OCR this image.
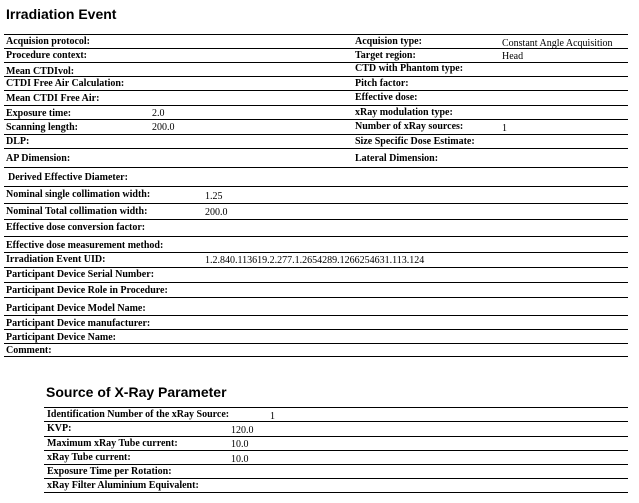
Irradiation Event
Acquision protocol:
Procedure context:
Mean CTDIvol:
CTDI Free Air Calculation:
Mean CTDI Free Air:
Exposure time:	2.0
Scanning length:	200.0
DLP:
AP Dimension:
Acquision type:	Constant Angle Acquisition
Target region:	Head
CTD with Phantom type:
Pitch factor:
Effective dose:
xRay modulation type:
Number of xRay sources:	1
Size Specific Dose Estimate:
Lateral Dimension:
Derived Effective Diameter:
Nominal single collimation width:	1.25
Nominal Total collimation width:	200.0
Effective dose conversion factor:
Effective dose measurement method:
Irradiation Event UID:	1.2.840.113619.2.277.1.2654289.1266254631.113.124
Participant Device Serial Number:
Participant Device Role in Procedure:
Participant Device Model Name:
Participant Device manufacturer:
Participant Device Name:
Comment:
Source of X-Ray Parameter
Identification Number of the xRay Source:	1
KVP:	120.0
Maximum xRay Tube current:	10.0
xRay Tube current:	10.0
Exposure Time per Rotation:
xRay Filter Aluminium Equivalent:
